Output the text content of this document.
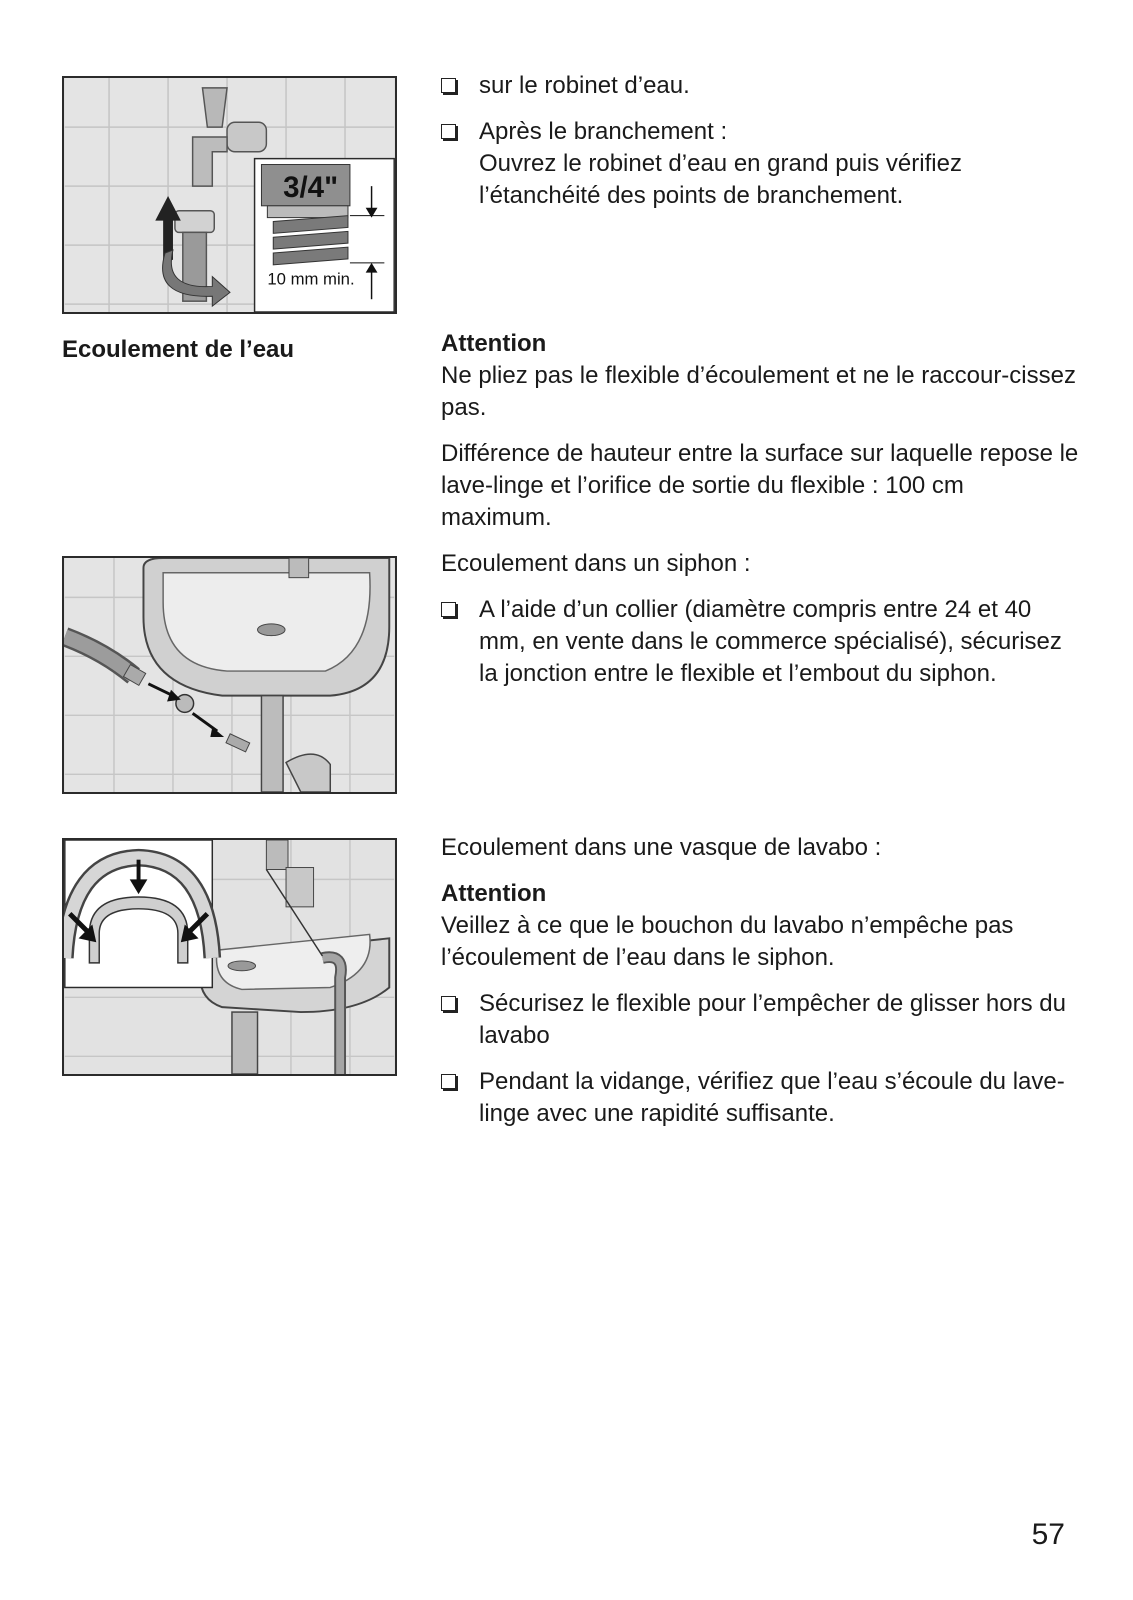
3/4"
10 mm min.
Ecoulement de l’eau

sur le robinet d’eau.

Après le branchement :

Ouvrez le robinet d’eau en grand puis vérifiez l’étanchéité des points de branchement.

Attention

Ne pliez pas le flexible d’écoulement et ne le raccour-cissez pas.

Différence de hauteur entre la surface sur laquelle repose le lave-linge et l’orifice de sortie du flexible : 100 cm maximum.

Ecoulement dans un siphon :

A l’aide d’un collier (diamètre compris entre 24 et 40 mm, en vente dans le commerce spécialisé), sécurisez la jonction entre le flexible et l’embout du siphon.

Ecoulement dans une vasque de lavabo :

Attention

Veillez à ce que le bouchon du lavabo n’empêche pas l’écoulement de l’eau dans le siphon.

Sécurisez le flexible pour l’empêcher de glisser hors du lavabo

Pendant la vidange, vérifiez que l’eau s’écoule du lave-linge avec une rapidité suffisante.

57
